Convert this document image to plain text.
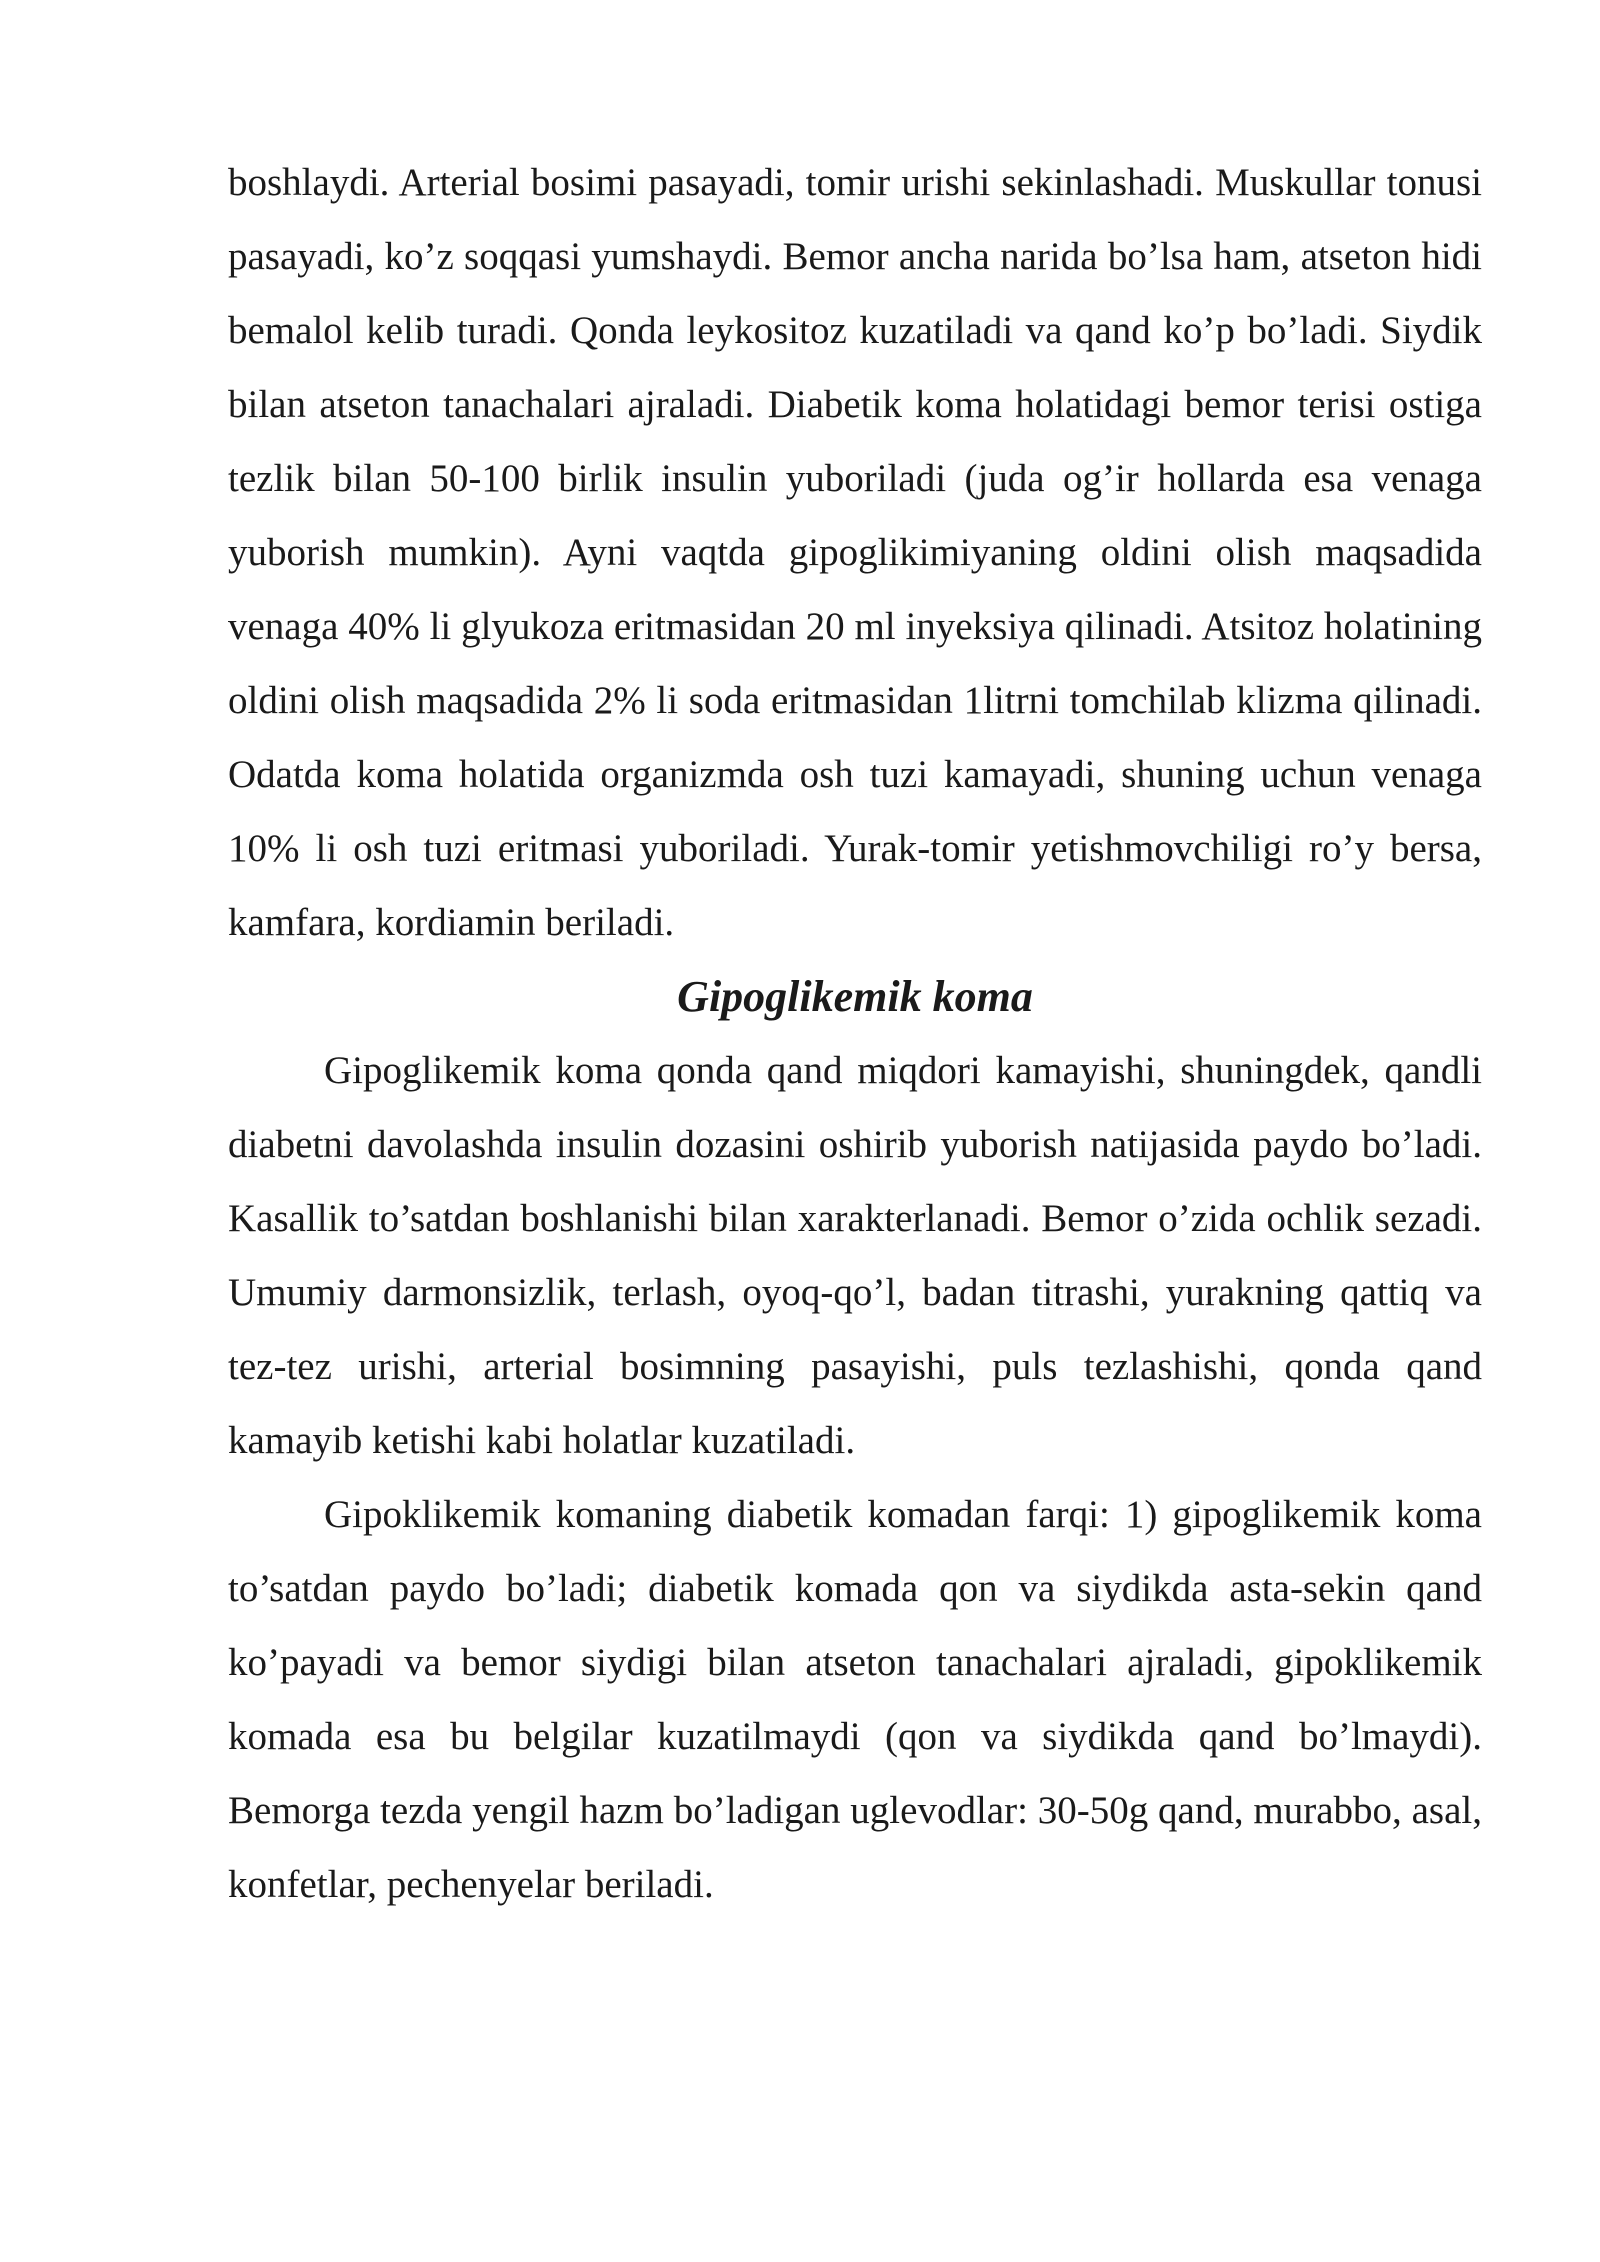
boshlaydi. Arterial bosimi pasayadi, tomir urishi sekinlashadi. Muskullar tonusi pasayadi, ko’z soqqasi yumshaydi. Bemor ancha narida bo’lsa ham, atseton hidi bemalol kelib turadi. Qonda leykositoz kuzatiladi va qand ko’p bo’ladi. Siydik bilan atseton tanachalari ajraladi. Diabetik koma holatidagi bemor terisi ostiga tezlik bilan 50-100 birlik insulin yuboriladi (juda og’ir hollarda esa venaga yuborish mumkin). Ayni vaqtda gipoglikimiyaning oldini olish maqsadida venaga 40% li glyukoza eritmasidan 20 ml inyeksiya qilinadi. Atsitoz holatining oldini olish maqsadida 2% li soda eritmasidan 1litrni tomchilab klizma qilinadi. Odatda koma holatida organizmda osh tuzi kamayadi, shuning uchun venaga 10% li osh tuzi eritmasi yuboriladi. Yurak-tomir yetishmovchiligi ro’y bersa, kamfara, kordiamin beriladi.

Gipoglikemik koma

Gipoglikemik koma qonda qand miqdori kamayishi, shuningdek, qandli diabetni davolashda insulin dozasini oshirib yuborish natijasida paydo bo’ladi. Kasallik to’satdan boshlanishi bilan xarakterlanadi. Bemor o’zida ochlik sezadi. Umumiy darmonsizlik, terlash, oyoq-qo’l, badan titrashi, yurakning qattiq va tez-tez urishi, arterial bosimning pasayishi, puls tezlashishi, qonda qand kamayib ketishi kabi holatlar kuzatiladi.

Gipoklikemik komaning diabetik komadan farqi: 1) gipoglikemik koma to’satdan paydo bo’ladi; diabetik komada qon va siydikda asta-sekin qand ko’payadi va bemor siydigi bilan atseton tanachalari ajraladi, gipoklikemik komada esa bu belgilar kuzatilmaydi (qon va siydikda qand bo’lmaydi). Bemorga tezda yengil hazm bo’ladigan uglevodlar: 30-50g qand, murabbo, asal, konfetlar, pechenyelar beriladi.
